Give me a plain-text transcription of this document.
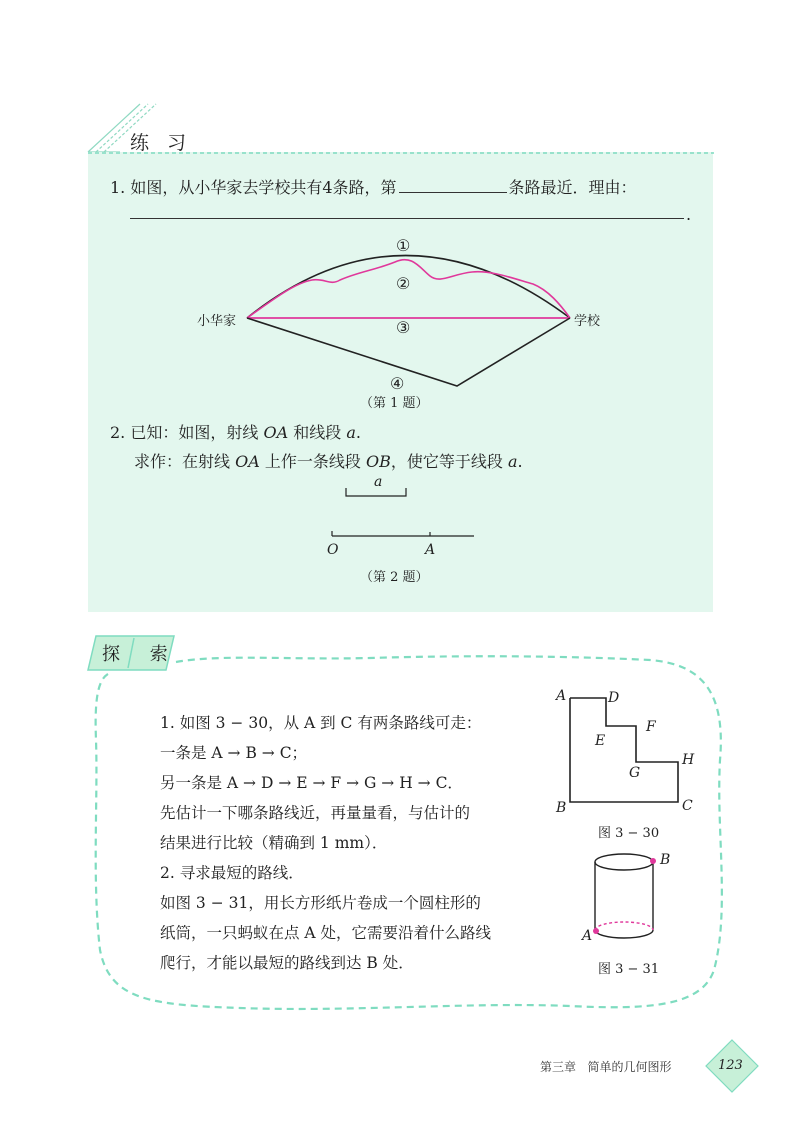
练 习
1. 如图，从小华家去学校共有4条路，第	条路最近．理由：
.
①
②
③
④
小华家	学校
（第 1 题）
2. 已知：如图，射线 OA 和线段 a.
求作：在射线 OA 上作一条线段 OB，使它等于线段 a.
a
O	A
（第 2 题）
探 索
1. 如图 3 − 30，从 A 到 C 有两条路线可走：
一条是 A → B → C；
另一条是 A → D → E → F → G → H → C．
先估计一下哪条路线近，再量量看，与估计的
结果进行比较（精确到 1 mm）．
2. 寻求最短的路线．
如图 3 − 31，用长方形纸片卷成一个圆柱形的
纸筒，一只蚂蚁在点 A 处，它需要沿着什么路线
爬行，才能以最短的路线到达 B 处．
A	D
E
F
G
H
B	C
图 3 − 30
B
A
图 3 − 31
第三章 简单的几何图形	123
